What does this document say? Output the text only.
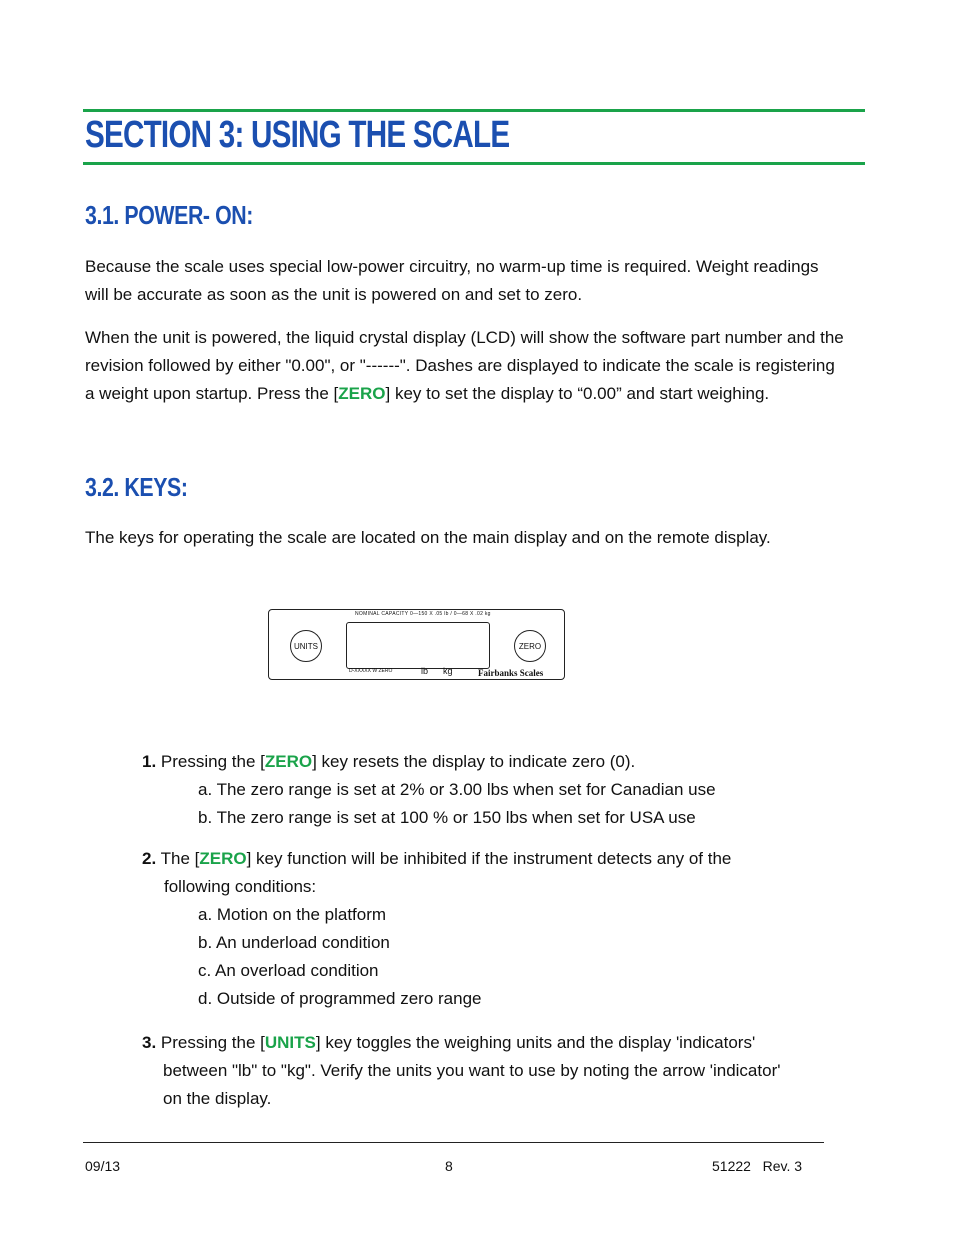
SECTION 3: USING THE SCALE
3.1. POWER- ON:

Because the scale uses special low-power circuitry, no warm-up time is required. Weight readings will be accurate as soon as the unit is powered on and set to zero.

When the unit is powered, the liquid crystal display (LCD) will show the software part number and the revision followed by either "0.00", or "------". Dashes are displayed to indicate the scale is registering a weight upon startup. Press the [ZERO] key to set the display to “0.00” and start weighing.

3.2. KEYS:

The keys for operating the scale are located on the main display and on the remote display.

NOMINAL CAPACITY 0—150 X .05 lb / 0—68 X .02 kg
UNITS	ZERO
D-XXXXX W ZERO	lb kg	Fairbanks Scales
1. Pressing the [ZERO] key resets the display to indicate zero (0).
a. The zero range is set at 2% or 3.00 lbs when set for Canadian use
b. The zero range is set at 100 % or 150 lbs when set for USA use
2. The [ZERO] key function will be inhibited if the instrument detects any of the
following conditions:
a. Motion on the platform
b. An underload condition
c. An overload condition
d. Outside of programmed zero range
3. Pressing the [UNITS] key toggles the weighing units and the display 'indicators'
between "lb" to "kg". Verify the units you want to use by noting the arrow 'indicator'
on the display.
09/13	8	51222   Rev. 3
